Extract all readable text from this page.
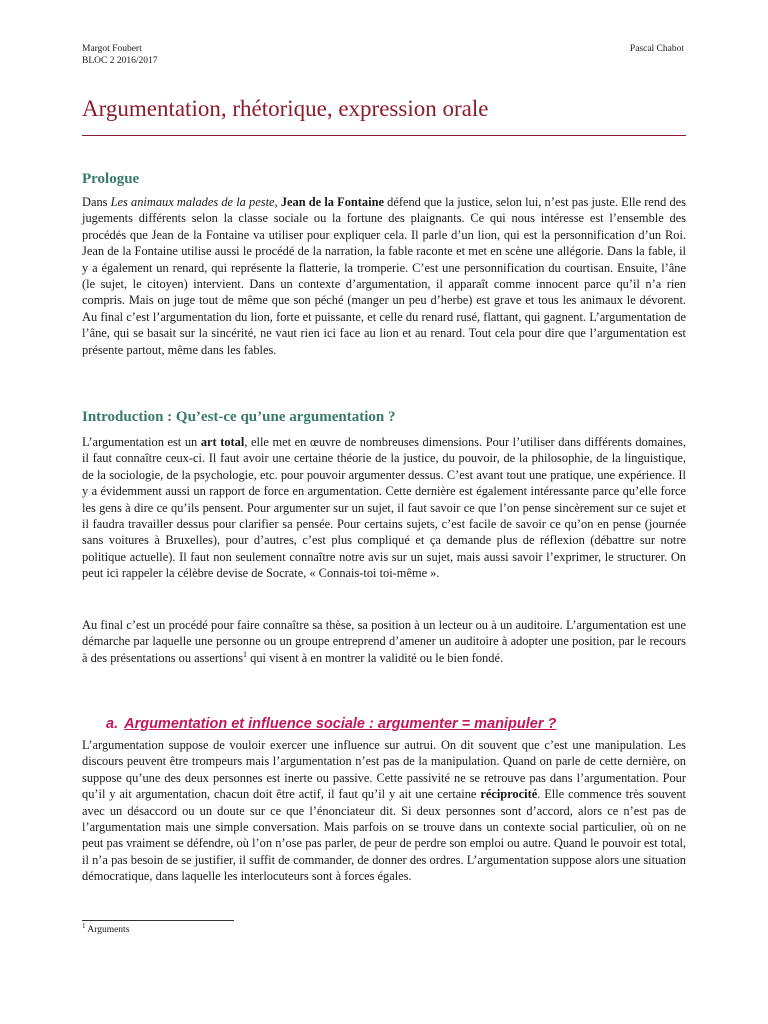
Margot Foubert
BLOC 2 2016/2017
Pascal Chabot
Argumentation, rhétorique, expression orale
Prologue

Dans Les animaux malades de la peste, Jean de la Fontaine défend que la justice, selon lui, n’est pas juste. Elle rend des jugements différents selon la classe sociale ou la fortune des plaignants. Ce qui nous intéresse est l’ensemble des procédés que Jean de la Fontaine va utiliser pour expliquer cela. Il parle d’un lion, qui est la personnification d’un Roi. Jean de la Fontaine utilise aussi le procédé de la narration, la fable raconte et met en scène une allégorie. Dans la fable, il y a également un renard, qui représente la flatterie, la tromperie. C’est une personnification du courtisan. Ensuite, l’âne (le sujet, le citoyen) intervient. Dans un contexte d’argumentation, il apparaît comme innocent parce qu’il n’a rien compris. Mais on juge tout de même que son péché (manger un peu d’herbe) est grave et tous les animaux le dévorent. Au final c’est l’argumentation du lion, forte et puissante, et celle du renard rusé, flattant, qui gagnent. L’argumentation de l’âne, qui se basait sur la sincérité, ne vaut rien ici face au lion et au renard. Tout cela pour dire que l’argumentation est présente partout, même dans les fables.

Introduction : Qu’est-ce qu’une argumentation ?

L’argumentation est un art total, elle met en œuvre de nombreuses dimensions. Pour l’utiliser dans différents domaines, il faut connaître ceux-ci. Il faut avoir une certaine théorie de la justice, du pouvoir, de la philosophie, de la linguistique, de la sociologie, de la psychologie, etc. pour pouvoir argumenter dessus. C’est avant tout une pratique, une expérience. Il y a évidemment aussi un rapport de force en argumentation. Cette dernière est également intéressante parce qu’elle force les gens à dire ce qu’ils pensent. Pour argumenter sur un sujet, il faut savoir ce que l’on pense sincèrement sur ce sujet et il faudra travailler dessus pour clarifier sa pensée. Pour certains sujets, c’est facile de savoir ce qu’on en pense (journée sans voitures à Bruxelles), pour d’autres, c’est plus compliqué et ça demande plus de réflexion (débattre sur notre politique actuelle). Il faut non seulement connaître notre avis sur un sujet, mais aussi savoir l’exprimer, le structurer. On peut ici rappeler la célèbre devise de Socrate, « Connais-toi toi-même ».

Au final c’est un procédé pour faire connaître sa thèse, sa position à un lecteur ou à un auditoire. L’argumentation est une démarche par laquelle une personne ou un groupe entreprend d’amener un auditoire à adopter une position, par le recours à des présentations ou assertions$^1$ qui visent à en montrer la validité ou le bien fondé.

a. Argumentation et influence sociale : argumenter = manipuler ?

L’argumentation suppose de vouloir exercer une influence sur autrui. On dit souvent que c’est une manipulation. Les discours peuvent être trompeurs mais l’argumentation n’est pas de la manipulation. Quand on parle de cette dernière, on suppose qu’une des deux personnes est inerte ou passive. Cette passivité ne se retrouve pas dans l’argumentation. Pour qu’il y ait argumentation, chacun doit être actif, il faut qu’il y ait une certaine réciprocité. Elle commence très souvent avec un désaccord ou un doute sur ce que l’énonciateur dit. Si deux personnes sont d’accord, alors ce n’est pas de l’argumentation mais une simple conversation. Mais parfois on se trouve dans un contexte social particulier, où on ne peut pas vraiment se défendre, où l’on n’ose pas parler, de peur de perdre son emploi ou autre. Quand le pouvoir est total, il n’a pas besoin de se justifier, il suffit de commander, de donner des ordres. L’argumentation suppose alors une situation démocratique, dans laquelle les interlocuteurs sont à forces égales.

$^1$ Arguments
